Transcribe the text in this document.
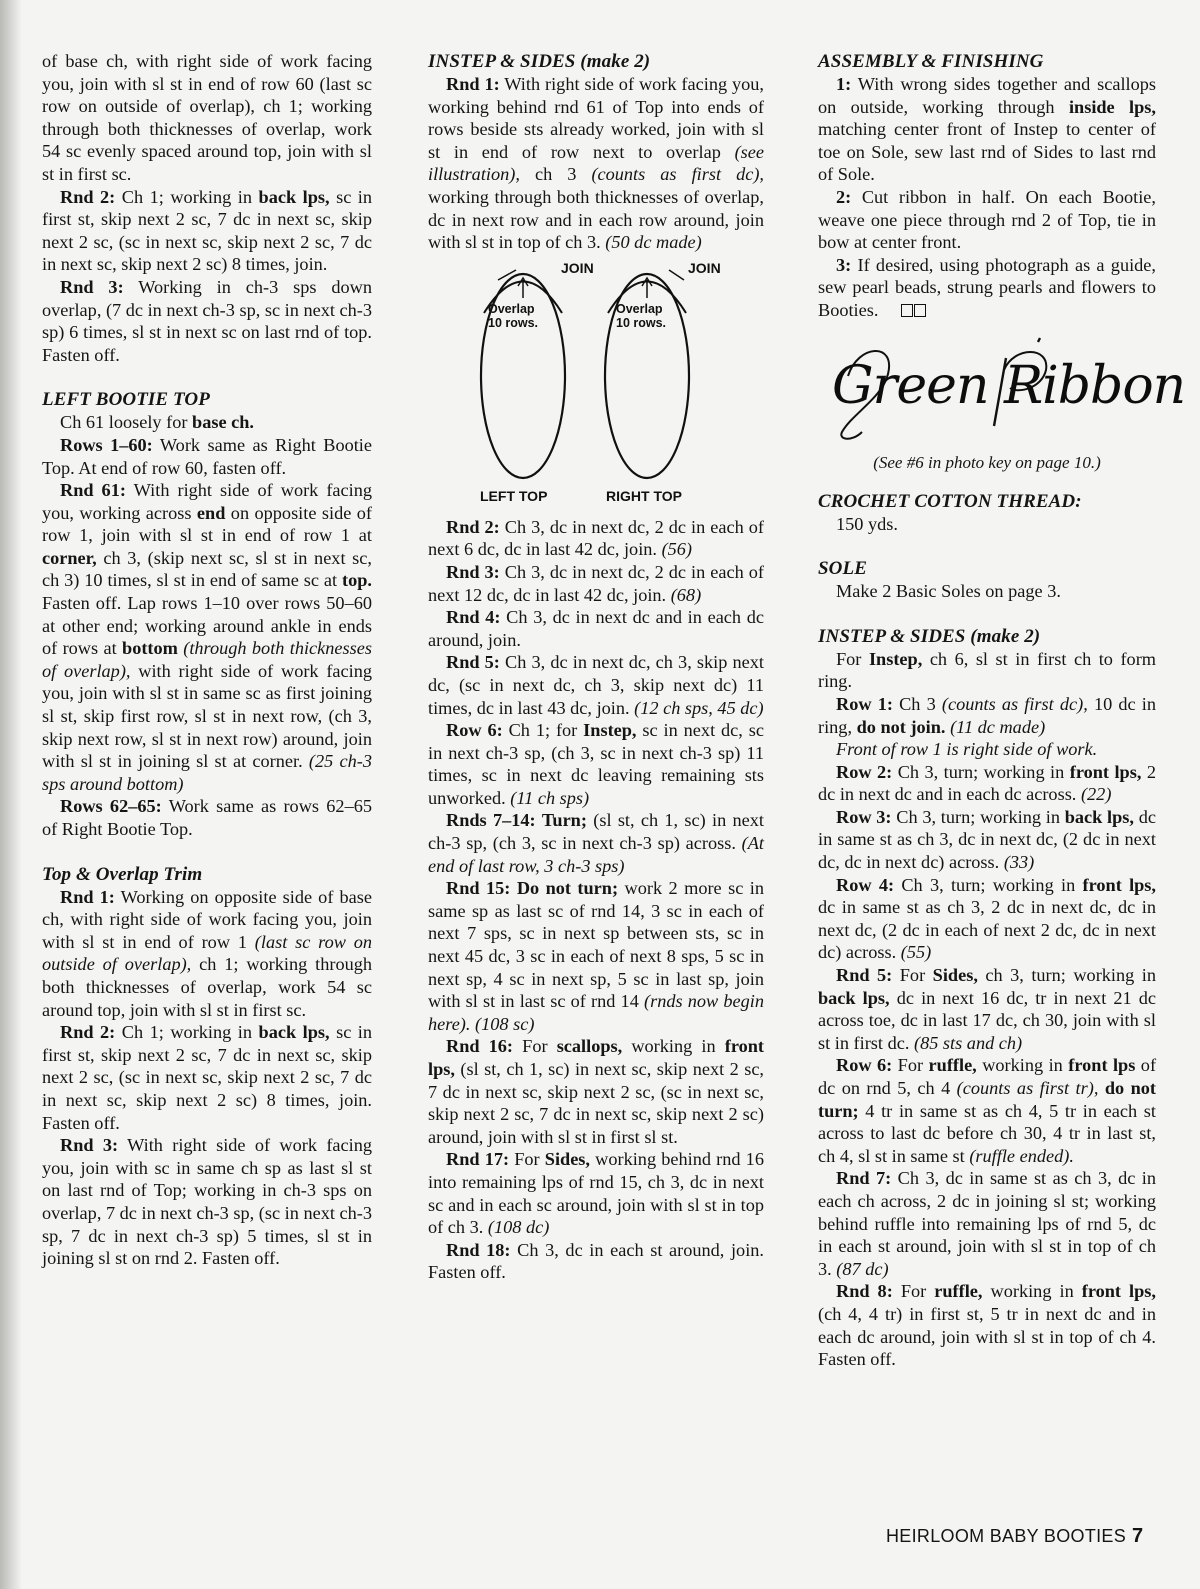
of base ch, with right side of work facing you, join with sl st in end of row 60 (last sc row on outside of overlap), ch 1; working through both thicknesses of overlap, work 54 sc evenly spaced around top, join with sl st in first sc.

Rnd 2: Ch 1; working in back lps, sc in first st, skip next 2 sc, 7 dc in next sc, skip next 2 sc, (sc in next sc, skip next 2 sc, 7 dc in next sc, skip next 2 sc) 8 times, join.

Rnd 3: Working in ch-3 sps down overlap, (7 dc in next ch-3 sp, sc in next ch-3 sp) 6 times, sl st in next sc on last rnd of top. Fasten off.

LEFT BOOTIE TOP

Ch 61 loosely for base ch.

Rows 1–60: Work same as Right Bootie Top. At end of row 60, fasten off.

Rnd 61: With right side of work facing you, working across end on opposite side of row 1, join with sl st in end of row 1 at corner, ch 3, (skip next sc, sl st in next sc, ch 3) 10 times, sl st in end of same sc at top. Fasten off. Lap rows 1–10 over rows 50–60 at other end; working around ankle in ends of rows at bottom (through both thicknesses of overlap), with right side of work facing you, join with sl st in same sc as first joining sl st, skip first row, sl st in next row, (ch 3, skip next row, sl st in next row) around, join with sl st in joining sl st at corner. (25 ch-3 sps around bottom)

Rows 62–65: Work same as rows 62–65 of Right Bootie Top.

Top & Overlap Trim

Rnd 1: Working on opposite side of base ch, with right side of work facing you, join with sl st in end of row 1 (last sc row on outside of overlap), ch 1; working through both thicknesses of overlap, work 54 sc around top, join with sl st in first sc.

Rnd 2: Ch 1; working in back lps, sc in first st, skip next 2 sc, 7 dc in next sc, skip next 2 sc, (sc in next sc, skip next 2 sc, 7 dc in next sc, skip next 2 sc) 8 times, join. Fasten off.

Rnd 3: With right side of work facing you, join with sc in same ch sp as last sl st on last rnd of Top; working in ch-3 sps on overlap, 7 dc in next ch-3 sp, (sc in next ch-3 sp, 7 dc in next ch-3 sp) 5 times, sl st in joining sl st on rnd 2. Fasten off.

INSTEP & SIDES (make 2)

Rnd 1: With right side of work facing you, working behind rnd 61 of Top into ends of rows beside sts already worked, join with sl st in end of row next to overlap (see illustration), ch 3 (counts as first dc), working through both thicknesses of overlap, dc in next row and in each row around, join with sl st in top of ch 3. (50 dc made)

JOIN	JOIN
Overlap
10 rows.
Overlap
10 rows.
LEFT TOP	RIGHT TOP

Rnd 2: Ch 3, dc in next dc, 2 dc in each of next 6 dc, dc in last 42 dc, join. (56)

Rnd 3: Ch 3, dc in next dc, 2 dc in each of next 12 dc, dc in last 42 dc, join. (68)

Rnd 4: Ch 3, dc in next dc and in each dc around, join.

Rnd 5: Ch 3, dc in next dc, ch 3, skip next dc, (sc in next dc, ch 3, skip next dc) 11 times, dc in last 43 dc, join. (12 ch sps, 45 dc)

Row 6: Ch 1; for Instep, sc in next dc, sc in next ch-3 sp, (ch 3, sc in next ch-3 sp) 11 times, sc in next dc leaving remaining sts unworked. (11 ch sps)

Rnds 7–14: Turn; (sl st, ch 1, sc) in next ch-3 sp, (ch 3, sc in next ch-3 sp) across. (At end of last row, 3 ch-3 sps)

Rnd 15: Do not turn; work 2 more sc in same sp as last sc of rnd 14, 3 sc in each of next 7 sps, sc in next sp between sts, sc in next 45 dc, 3 sc in each of next 8 sps, 5 sc in next sp, 4 sc in next sp, 5 sc in last sp, join with sl st in last sc of rnd 14 (rnds now begin here). (108 sc)

Rnd 16: For scallops, working in front lps, (sl st, ch 1, sc) in next sc, skip next 2 sc, 7 dc in next sc, skip next 2 sc, (sc in next sc, skip next 2 sc, 7 dc in next sc, skip next 2 sc) around, join with sl st in first sl st.

Rnd 17: For Sides, working behind rnd 16 into remaining lps of rnd 15, ch 3, dc in next sc and in each sc around, join with sl st in top of ch 3. (108 dc)

Rnd 18: Ch 3, dc in each st around, join. Fasten off.

ASSEMBLY & FINISHING

1: With wrong sides together and scallops on outside, working through inside lps, matching center front of Instep to center of toe on Sole, sew last rnd of Sides to last rnd of Sole.

2: Cut ribbon in half. On each Bootie, weave one piece through rnd 2 of Top, tie in bow at center front.

3: If desired, using photograph as a guide, sew pearl beads, strung pearls and flowers to Booties.

Green Ribbon

(See #6 in photo key on page 10.)

CROCHET COTTON THREAD:

150 yds.

SOLE

Make 2 Basic Soles on page 3.

INSTEP & SIDES (make 2)

For Instep, ch 6, sl st in first ch to form ring.

Row 1: Ch 3 (counts as first dc), 10 dc in ring, do not join. (11 dc made)

Front of row 1 is right side of work.

Row 2: Ch 3, turn; working in front lps, 2 dc in next dc and in each dc across. (22)

Row 3: Ch 3, turn; working in back lps, dc in same st as ch 3, dc in next dc, (2 dc in next dc, dc in next dc) across. (33)

Row 4: Ch 3, turn; working in front lps, dc in same st as ch 3, 2 dc in next dc, dc in next dc, (2 dc in each of next 2 dc, dc in next dc) across. (55)

Rnd 5: For Sides, ch 3, turn; working in back lps, dc in next 16 dc, tr in next 21 dc across toe, dc in last 17 dc, ch 30, join with sl st in first dc. (85 sts and ch)

Row 6: For ruffle, working in front lps of dc on rnd 5, ch 4 (counts as first tr), do not turn; 4 tr in same st as ch 4, 5 tr in each st across to last dc before ch 30, 4 tr in last st, ch 4, sl st in same st (ruffle ended).

Rnd 7: Ch 3, dc in same st as ch 3, dc in each ch across, 2 dc in joining sl st; working behind ruffle into remaining lps of rnd 5, dc in each st around, join with sl st in top of ch 3. (87 dc)

Rnd 8: For ruffle, working in front lps, (ch 4, 4 tr) in first st, 5 tr in next dc and in each dc around, join with sl st in top of ch 4. Fasten off.

HEIRLOOM BABY BOOTIES 7
